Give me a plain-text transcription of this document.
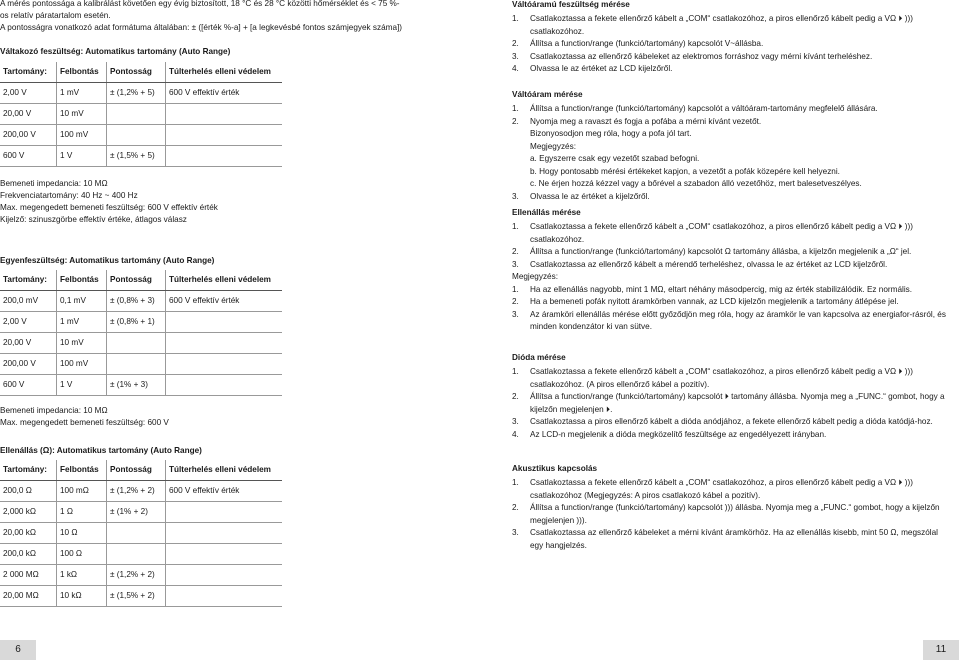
A mérés pontossága a kalibrálást követően egy évig biztosított, 18 °C és 28 °C közötti hőmérséklet és < 75 %-
os relatív páratartalom esetén.
A pontosságra vonatkozó adat formátuma általában: ± ([érték %-a] + [a legkevésbé fontos számjegyek száma])
Váltakozó feszültség: Automatikus tartomány (Auto Range)
Tartomány:	Felbontás	Pontosság	Túlterhelés elleni védelem
2,00 V	1 mV	± (1,2% + 5)	600 V effektív érték
20,00 V	10 mV		
200,00 V	100 mV		
600 V	1 V	± (1,5% + 5)	
Bemeneti impedancia: 10 MΩ
Frekvenciatartomány: 40 Hz ~ 400 Hz
Max. megengedett bemeneti feszültség: 600 V effektív érték
Kijelző: szinuszgörbe effektív értéke, átlagos válasz
Egyenfeszültség: Automatikus tartomány (Auto Range)
Tartomány:	Felbontás	Pontosság	Túlterhelés elleni védelem
200,0 mV	0,1 mV	± (0,8% + 3)	600 V effektív érték
2,00 V	1 mV	± (0,8% + 1)	
20,00 V	10 mV		
200,00 V	100 mV		
600 V	1 V	± (1% + 3)	
Bemeneti impedancia: 10 MΩ
Max. megengedett bemeneti feszültség: 600 V
Ellenállás (Ω): Automatikus tartomány (Auto Range)
Tartomány:	Felbontás	Pontosság	Túlterhelés elleni védelem
200,0 Ω	100 mΩ	± (1,2% + 2)	600 V effektív érték
2,000 kΩ	1 Ω	± (1% + 2)	
20,00 kΩ	10 Ω		
200,0 kΩ	100 Ω		
2 000 MΩ	1 kΩ	± (1,2% + 2)	
20,00 MΩ	10 kΩ	± (1,5% + 2)	
Váltóáramú feszültség mérése
1. Csatlakoztassa a fekete ellenőrző kábelt a „COM“ csatlakozóhoz, a piros ellenőrző kábelt pedig a VΩ ⏵ ))) csatlakozóhoz.
2. Állítsa a function/range (funkció/tartomány) kapcsolót V~állásba.
3. Csatlakoztassa az ellenőrző kábeleket az elektromos forráshoz vagy mérni kívánt terheléshez.
4. Olvassa le az értéket az LCD kijelzőről.
Váltóáram mérése
1. Állítsa a function/range (funkció/tartomány) kapcsolót a váltóáram-tartomány megfelelő állására.
2. Nyomja meg a ravaszt és fogja a pofába a mérni kívánt vezetőt.
Bizonyosodjon meg róla, hogy a pofa jól tart.
Megjegyzés:
a. Egyszerre csak egy vezetőt szabad befogni.
b. Hogy pontosabb mérési értékeket kapjon, a vezetőt a pofák közepére kell helyezni.
c. Ne érjen hozzá kézzel vagy a bőrével a szabadon álló vezetőhöz, mert balesetveszélyes.
3. Olvassa le az értéket a kijelzőről.
Ellenállás mérése
1. Csatlakoztassa a fekete ellenőrző kábelt a „COM“ csatlakozóhoz, a piros ellenőrző kábelt pedig a VΩ ⏵ ))) csatlakozóhoz.
2. Állítsa a function/range (funkció/tartomány) kapcsolót Ω tartomány állásba, a kijelzőn megjelenik a „Ω“ jel.
3. Csatlakoztassa az ellenőrző kábelt a mérendő terheléshez, olvassa le az értéket az LCD kijelzőről.
Megjegyzés:
1. Ha az ellenállás nagyobb, mint 1 MΩ, eltart néhány másodpercig, mig az érték stabilizálódik. Ez normális.
2. Ha a bemeneti pofák nyitott áramkörben vannak, az LCD kijelzőn megjelenik a tartomány átlépése jel.
3. Az áramköri ellenállás mérése előtt győződjön meg róla, hogy az áramkör le van kapcsolva az energiafor-rásról, és minden kondenzátor ki van sütve.
Dióda mérése
1. Csatlakoztassa a fekete ellenőrző kábelt a „COM“ csatlakozóhoz, a piros ellenőrző kábelt pedig a VΩ ⏵ ))) csatlakozóhoz. (A piros ellenőrző kábel a pozitív).
2. Állítsa a function/range (funkció/tartomány) kapcsolót ⏵ tartomány állásba. Nyomja meg a „FUNC.“ gombot, hogy a kijelzőn megjelenjen ⏵.
3. Csatlakoztassa a piros ellenőrző kábelt a dióda anódjához, a fekete ellenőrző kábelt pedig a dióda katódjá-hoz.
4. Az LCD-n megjelenik a dióda megközelítő feszültsége az engedélyezett irányban.
Akusztikus kapcsolás
1. Csatlakoztassa a fekete ellenőrző kábelt a „COM“ csatlakozóhoz, a piros ellenőrző kábelt pedig a VΩ ⏵ ))) csatlakozóhoz (Megjegyzés: A piros csatlakozó kábel a pozitív).
2. Állítsa a function/range (funkció/tartomány) kapcsolót ))) állásba. Nyomja meg a „FUNC.“ gombot, hogy a kijelzőn megjelenjen ))).
3. Csatlakoztassa az ellenőrző kábeleket a mérni kívánt áramkörhöz. Ha az ellenállás kisebb, mint 50 Ω, megszólal egy hangjelzés.
6	11
